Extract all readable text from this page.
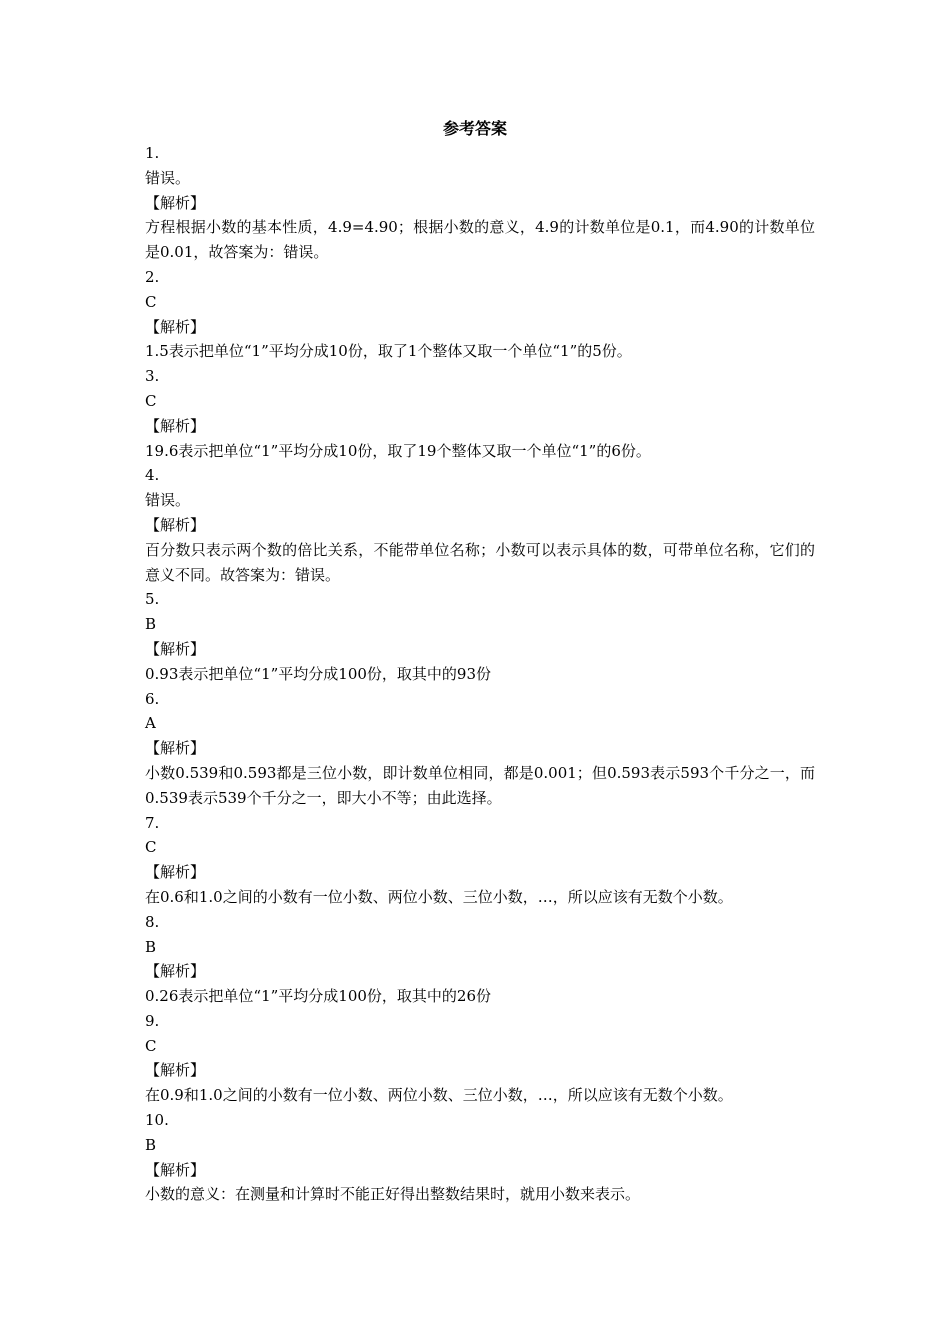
参考答案
1.
错误。
【解析】
方程根据小数的基本性质，4.9=4.90；根据小数的意义，4.9的计数单位是0.1，而4.90的计数单位是0.01，故答案为：错误。
2.
C
【解析】
1.5表示把单位“1”平均分成10份，取了1个整体又取一个单位“1”的5份。
3.
C
【解析】
19.6表示把单位“1”平均分成10份，取了19个整体又取一个单位“1”的6份。
4.
错误。
【解析】
百分数只表示两个数的倍比关系，不能带单位名称；小数可以表示具体的数，可带单位名称，它们的意义不同。故答案为：错误。
5.
B
【解析】
0.93表示把单位“1”平均分成100份，取其中的93份
6.
A
【解析】
小数0.539和0.593都是三位小数，即计数单位相同，都是0.001；但0.593表示593个千分之一，而0.539表示539个千分之一，即大小不等；由此选择。
7.
C
【解析】
在0.6和1.0之间的小数有一位小数、两位小数、三位小数，…，所以应该有无数个小数。
8.
B
【解析】
0.26表示把单位“1”平均分成100份，取其中的26份
9.
C
【解析】
在0.9和1.0之间的小数有一位小数、两位小数、三位小数，…，所以应该有无数个小数。
10.
B
【解析】
小数的意义：在测量和计算时不能正好得出整数结果时，就用小数来表示。
